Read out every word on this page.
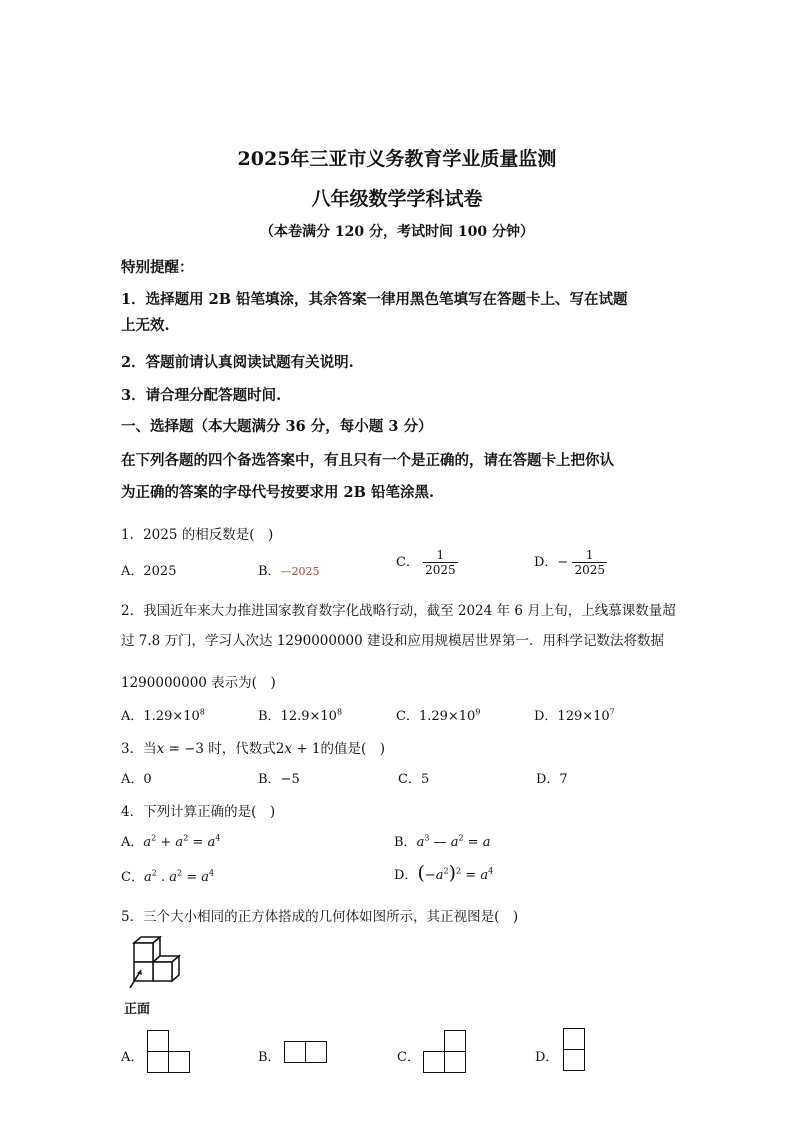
2025年三亚市义务教育学业质量监测
八年级数学学科试卷
（本卷满分 120 分，考试时间 100 分钟）
特别提醒：
1．选择题用 2B 铅笔填涂，其余答案一律用黑色笔填写在答题卡上、写在试题
上无效.
2．答题前请认真阅读试题有关说明.
3．请合理分配答题时间.
一、选择题（本大题满分 36 分，每小题 3 分）
在下列各题的四个备选答案中，有且只有一个是正确的，请在答题卡上把你认
为正确的答案的字母代号按要求用 2B 铅笔涂黑.
1．2025 的相反数是(　)
A．2025	B．—2025
C． $\frac{1}{2025}$	D．− $\frac{1}{2025}$
2．我国近年来大力推进国家教育数字化战略行动，截至 2024 年 6 月上旬，上线慕课数量超
过 7.8 万门，学习人次达 1290000000 建设和应用规模居世界第一．用科学记数法将数据
1290000000 表示为(　)
A．$1.29\times 10^8$	B．$12.9\times 10^8$	C．$1.29\times 10^9$	D．$129\times 10^7$
3．当x = −3 时，代数式2x + 1的值是(　)
A．0	B．−5	C．5	D．7
4．下列计算正确的是(　)
A．$a^2 + a^2 = a^4$	B．$a^3$ — $a^2 = a$
C．$a^2$ . $a^2 = a^4$	D．$(-a^2)^2 = a^4$
5．三个大小相同的正方体搭成的几何体如图所示，其正视图是(　)
正面
A．	B．	C．	D．
